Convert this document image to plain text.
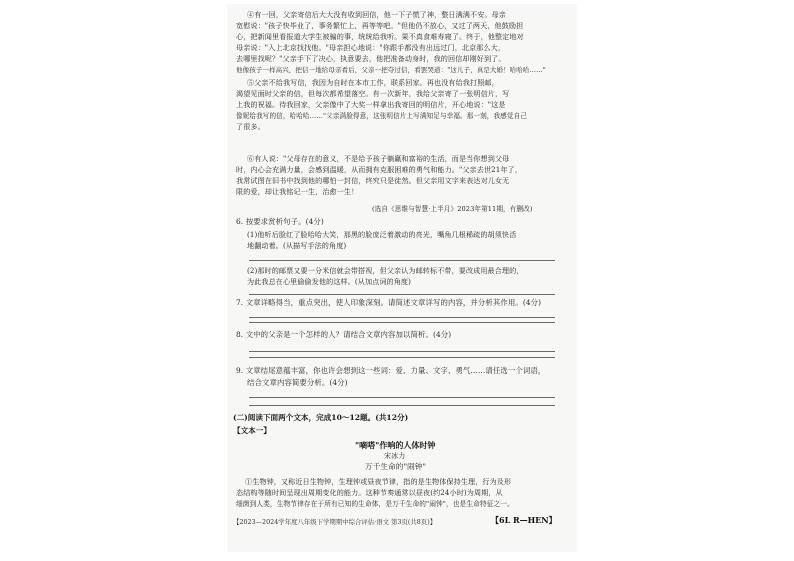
④有一回，父亲寄信后大大没有收到回信，他一下子慌了神，整日满满不安。母亲
宽慰说："孩子快毕业了，事务繁忙上，再等等吧。"但他仍不放心，又过了两天，他鼓励担
心，把新闻里看报道大学生被骗的事，统统给我听。果不真食难寿寝了。终于，他整定地对
母亲说："入上北京找找他。"母亲担心地说："你跟手都没有出远过门，北京那么大，
去哪里找呢？"父亲手下了决心，执意要去，他把准备动身时，我的回信却刚好到了。
他像孩子一样高兴，把信一地给母亲看后，父亲一把夺过信，看罢哭道："这儿子，真是大婚！哈哈哈……"
⑤父亲不给我写信，我因为自时在本市工作，联系回家。再也没有给我打照邮，
渴望见面时父亲的信，但每次都希望落空。有一次新年，我给父亲寄了一张明信片，写
上我的祝福。待我回家，父亲像中了大奖一样拿出我寄回的明信片，开心地说："这是
像妮给我写的信，哈哈哈……"父亲满脸得意，这张明信片上写满知足与幸福。那一刻，我感觉自己
了很多。
⑥有人说："父母存在的意义，不是给予孩子躺赢和富裕的生活，而是当你想到父母
时，内心会充满力量，会感到温暖，从而拥有克服困难的勇气和能力。"父亲去世21年了，
我常试图在旧书中找到他的哪怕一封信，终究只是徒然。但父亲用文字来表达对儿女无
限的爱，却让我铭记一生，治愈一生！
(选自《思维与智慧·上半月》2023年第11期，有删改)
6. 按要求赏析句子。(4分)
(1)他听后脸红了脸哈哈大笑，那黑的脸庞泛着激动的亮光，嘴角几根稀疏的胡须快活
地翻动着。(从描写手法的角度)
(2)那时的邮票又要一分米信就会带搭视，但父亲认为邮转标不带，要改成用最合理的，
为此我总在心里偷偷发他的这样。(从加点词的角度)
7. 文章详略得当，重点突出，使人印象深刻。请简述文章详写的内容，并分析其作用。(4分)
8. 文中的父亲是一个怎样的人？请结合文章内容加以简析。(4分)
9. 文章结尾意蕴丰富，你也许会想到这一些词：爱、力量、文字、勇气……请任选一个词语，
结合文章内容简要分析。(4分)
(二)阅读下面两个文本，完成10～12题。(共12分)
【文本一】
"嘀嗒"作响的人体时钟
宋冰力
万千生命的"闹钟"
①生物钟，又称近日生物钟，生理钟或昼夜节律，指的是生物体保持生理，行为及形
态结构等随时间呈现出周期变化的能力。这种节奏通常以昼夜(约24小时)为周期，从
细菌到人类，生物节律存在于所有已知的生命体，是万千生命的"闹钟"，也是生命特征之一。
【2023—2024学年度八年级下学期期中综合评估·语文 第3页(共8页)】	【6L R—HEN】
